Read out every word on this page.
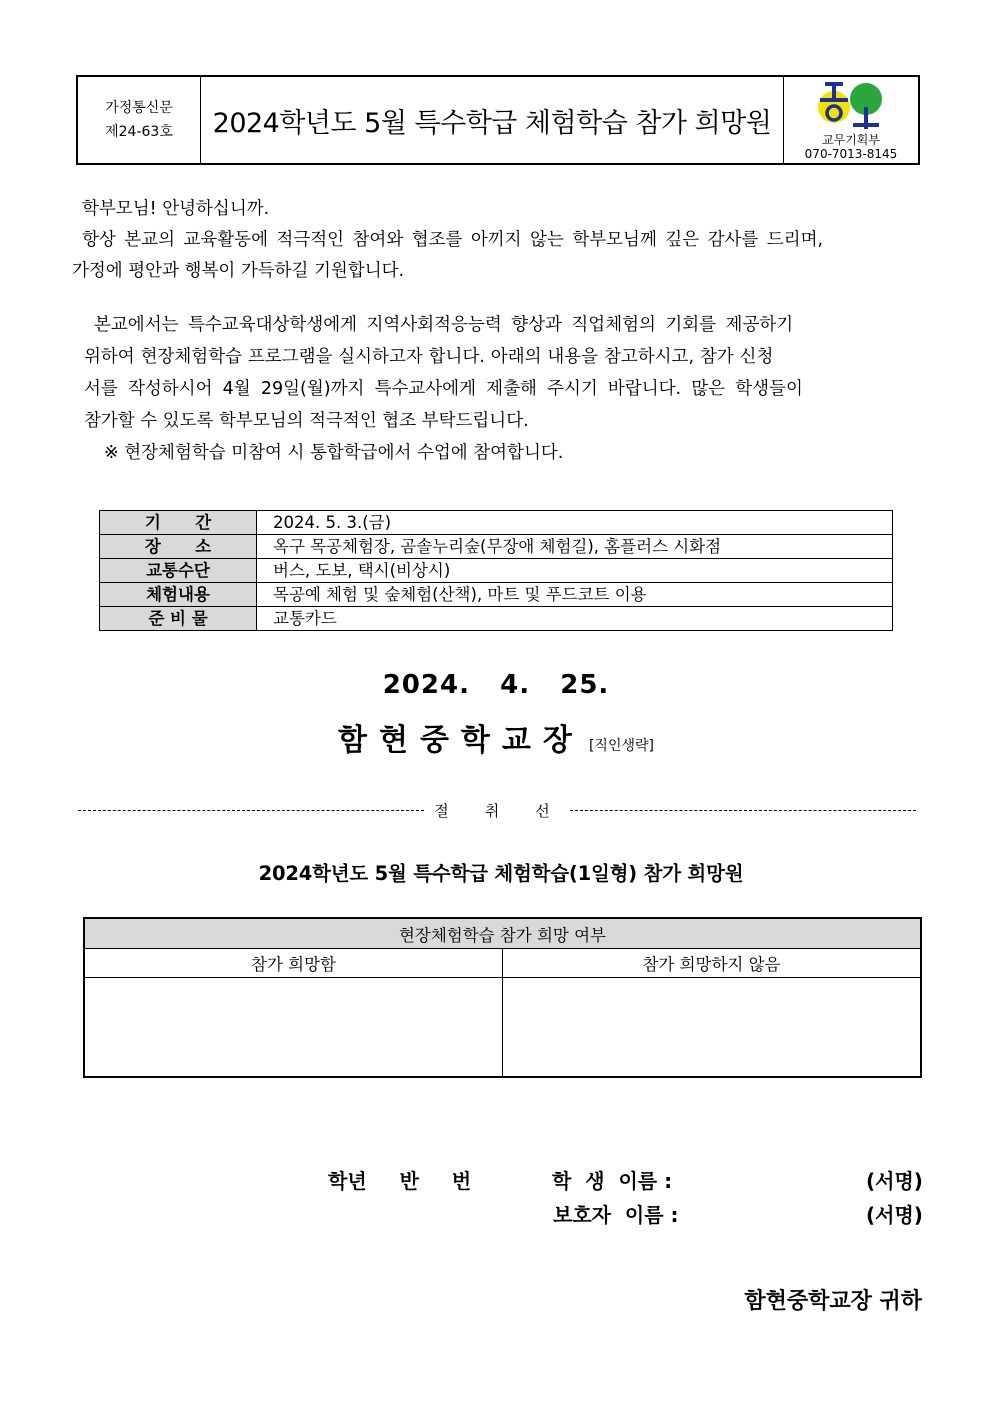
가정통신문
제24-63호	2024학년도 5월 특수학급 체험학습 참가 희망원
교무기획부
070-7013-8145
학부모님! 안녕하십니까.
항상 본교의 교육활동에 적극적인 참여와 협조를 아끼지 않는 학부모님께 깊은 감사를 드리며,
가정에 평안과 행복이 가득하길 기원합니다.
본교에서는 특수교육대상학생에게 지역사회적응능력 향상과 직업체험의 기회를 제공하기
위하여 현장체험학습 프로그램을 실시하고자 합니다. 아래의 내용을 참고하시고, 참가 신청
서를 작성하시어 4월 29일(월)까지 특수교사에게 제출해 주시기 바랍니다. 많은 학생들이
참가할 수 있도록 학부모님의 적극적인 협조 부탁드립니다.
※ 현장체험학습 미참여 시 통합학급에서 수업에 참여합니다.
기      간	2024. 5. 3.(금)
장      소	옥구 목공체험장, 곰솔누리숲(무장애 체험길), 홈플러스 시화점
교통수단	버스, 도보, 택시(비상시)
체험내용	목공예 체험 및 숲체험(산책), 마트 및 푸드코트 이용
준 비 물	교통카드
2024.   4.   25.
함현중학교장 [직인생략]
절취선
2024학년도 5월 특수학급 체험학습(1일형) 참가 희망원
현장체험학습 참가 희망 여부	
참가 희망함	참가 희망하지 않음

학년 반 번	학  생  이름 :	(서명)
보호자  이름 :	(서명)
함현중학교장 귀하
